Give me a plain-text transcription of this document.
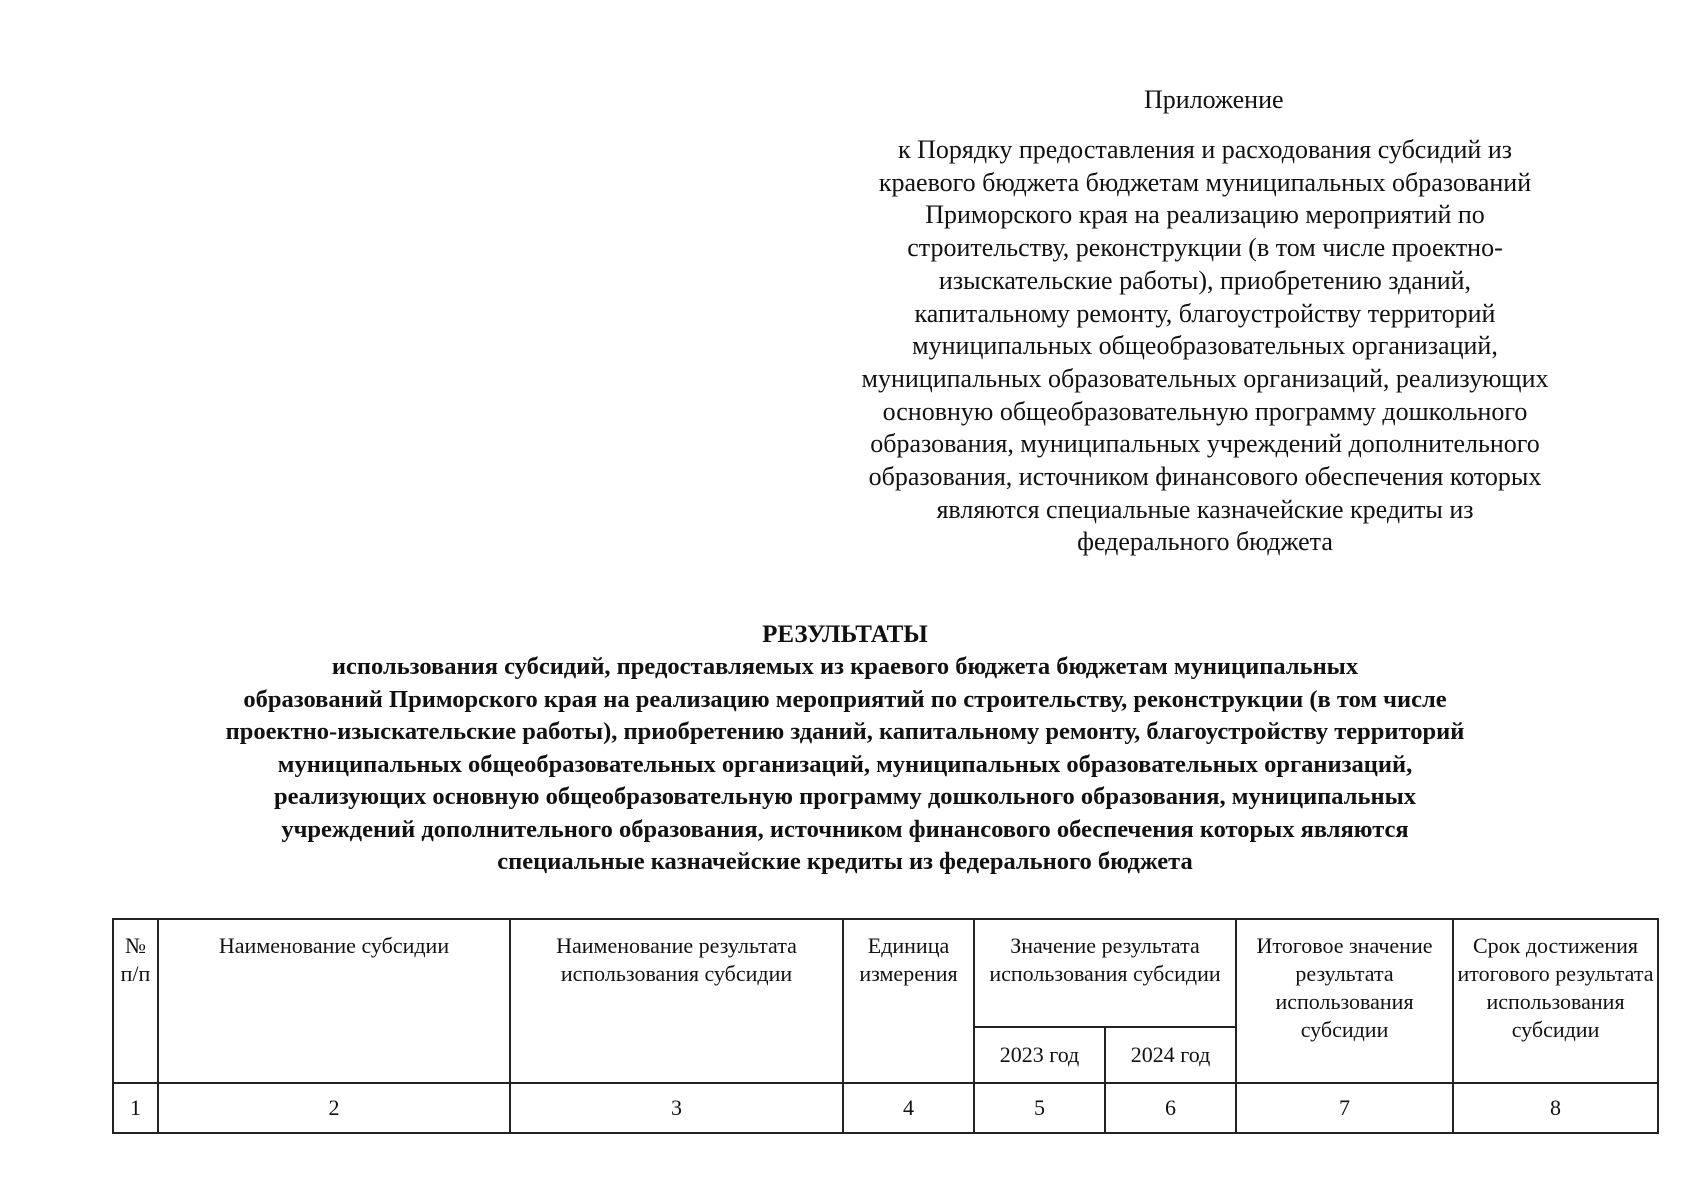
Приложение
к Порядку предоставления и расходования субсидий из
краевого бюджета бюджетам муниципальных образований
Приморского края на реализацию мероприятий по
строительству, реконструкции (в том числе проектно-
изыскательские работы), приобретению зданий,
капитальному ремонту, благоустройству территорий
муниципальных общеобразовательных организаций,
муниципальных образовательных организаций, реализующих
основную общеобразовательную программу дошкольного
образования, муниципальных учреждений дополнительного
образования, источником финансового обеспечения которых
являются специальные казначейские кредиты из
федерального бюджета
РЕЗУЛЬТАТЫ
использования субсидий, предоставляемых из краевого бюджета бюджетам муниципальных
образований Приморского края на реализацию мероприятий по строительству, реконструкции (в том числе
проектно-изыскательские работы), приобретению зданий, капитальному ремонту, благоустройству территорий
муниципальных общеобразовательных организаций, муниципальных образовательных организаций,
реализующих основную общеобразовательную программу дошкольного образования, муниципальных
учреждений дополнительного образования, источником финансового обеспечения которых являются
специальные казначейские кредиты из федерального бюджета
№ п/п	Наименование субсидии	Наименование результата использования субсидии	Единица измерения	Значение результата использования субсидии		Итоговое значение результата использования субсидии	Срок достижения итогового результата использования субсидии
				2023 год	2024 год		
1	2	3	4	5	6	7	8
